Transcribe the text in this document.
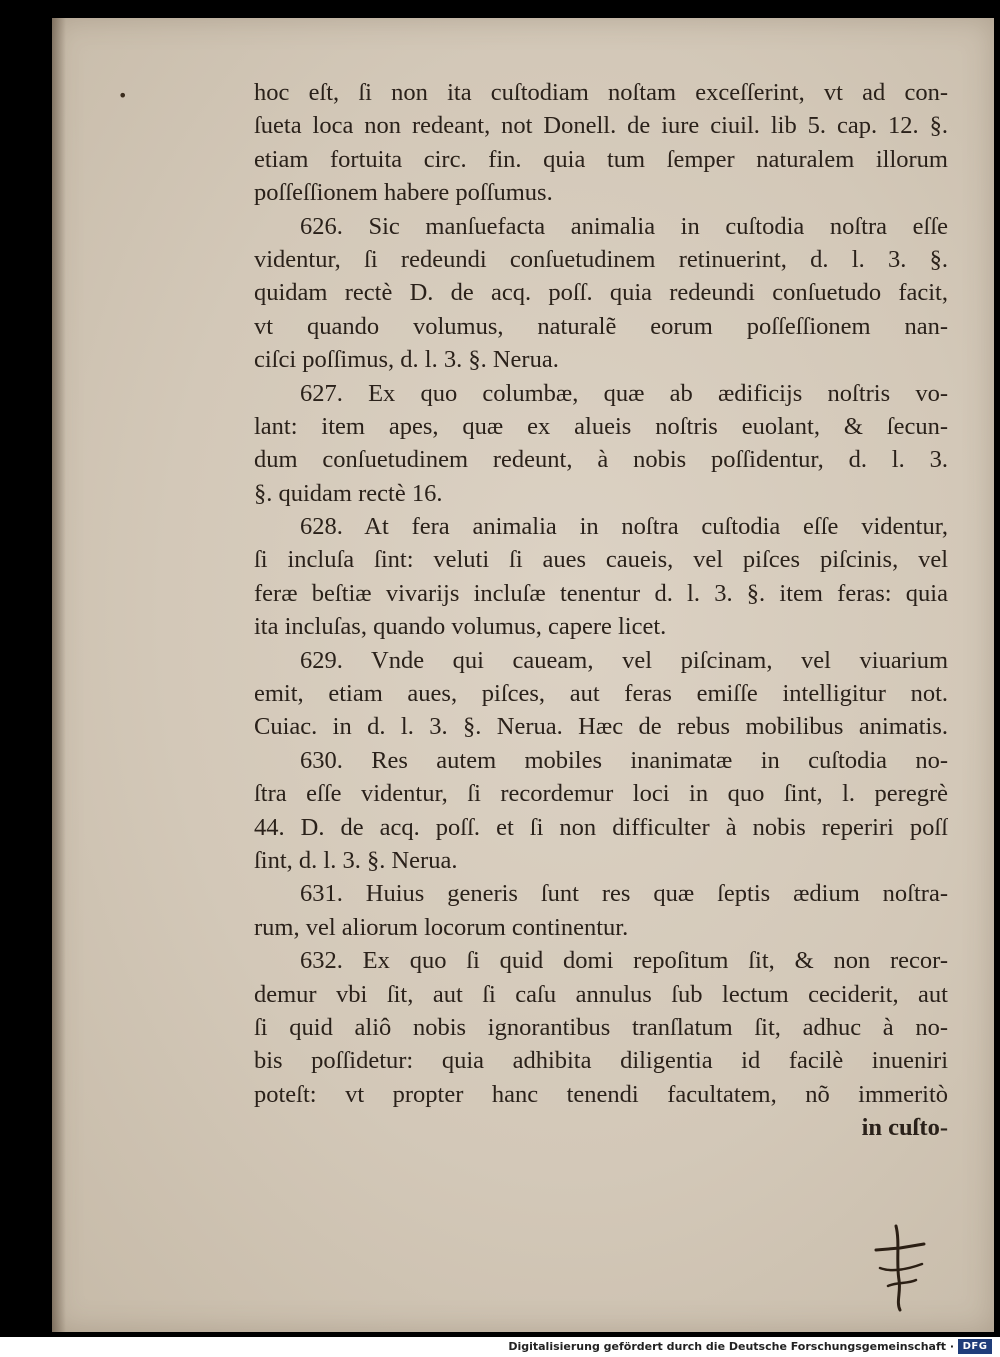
•	hoc eſt, ſi non ita cuſtodiam noſtam exceſſerint, vt ad con-
ſueta loca non redeant, not Donell. de iure ciuil. lib 5. cap. 12. §.
etiam fortuita circ. fin. quia tum ſemper naturalem illorum
poſſeſſionem habere poſſumus.
626. Sic manſuefacta animalia in cuſtodia noſtra eſſe
videntur, ſi redeundi conſuetudinem retinuerint, d. l. 3. §.
quidam rectè D. de acq. poſſ. quia redeundi conſuetudo facit,
vt quando volumus, naturalẽ eorum poſſeſſionem nan-
ciſci poſſimus, d. l. 3. §. Nerua.
627. Ex quo columbæ, quæ ab ædificijs noſtris vo-
lant: item apes, quæ ex alueis noſtris euolant, & ſecun-
dum conſuetudinem redeunt, à nobis poſſidentur, d. l. 3.
§. quidam rectè 16.
628. At fera animalia in noſtra cuſtodia eſſe videntur,
ſi incluſa ſint: veluti ſi aues caueis, vel piſces piſcinis, vel
feræ beſtiæ vivarijs incluſæ tenentur d. l. 3. §. item feras: quia
ita incluſas, quando volumus, capere licet.
629. Vnde qui caueam, vel piſcinam, vel viuarium
emit, etiam aues, piſces, aut feras emiſſe intelligitur not.
Cuiac. in d. l. 3. §. Nerua. Hæc de rebus mobilibus animatis.
630. Res autem mobiles inanimatæ in cuſtodia no-
ſtra eſſe videntur, ſi recordemur loci in quo ſint, l. peregrè
44. D. de acq. poſſ. et ſi non difficulter à nobis reperiri poſſ
ſint, d. l. 3. §. Nerua.
631. Huius generis ſunt res quæ ſeptis ædium noſtra-
rum, vel aliorum locorum continentur.
632. Ex quo ſi quid domi repoſitum ſit, & non recor-
demur vbi ſit, aut ſi caſu annulus ſub lectum ceciderit, aut
ſi quid aliô nobis ignorantibus tranſlatum ſit, adhuc à no-
bis poſſidetur: quia adhibita diligentia id facilè inueniri
poteſt: vt propter hanc tenendi facultatem, nõ immeritò
in cuſto-
Digitalisierung gefördert durch die Deutsche Forschungsgemeinschaft · DFG
